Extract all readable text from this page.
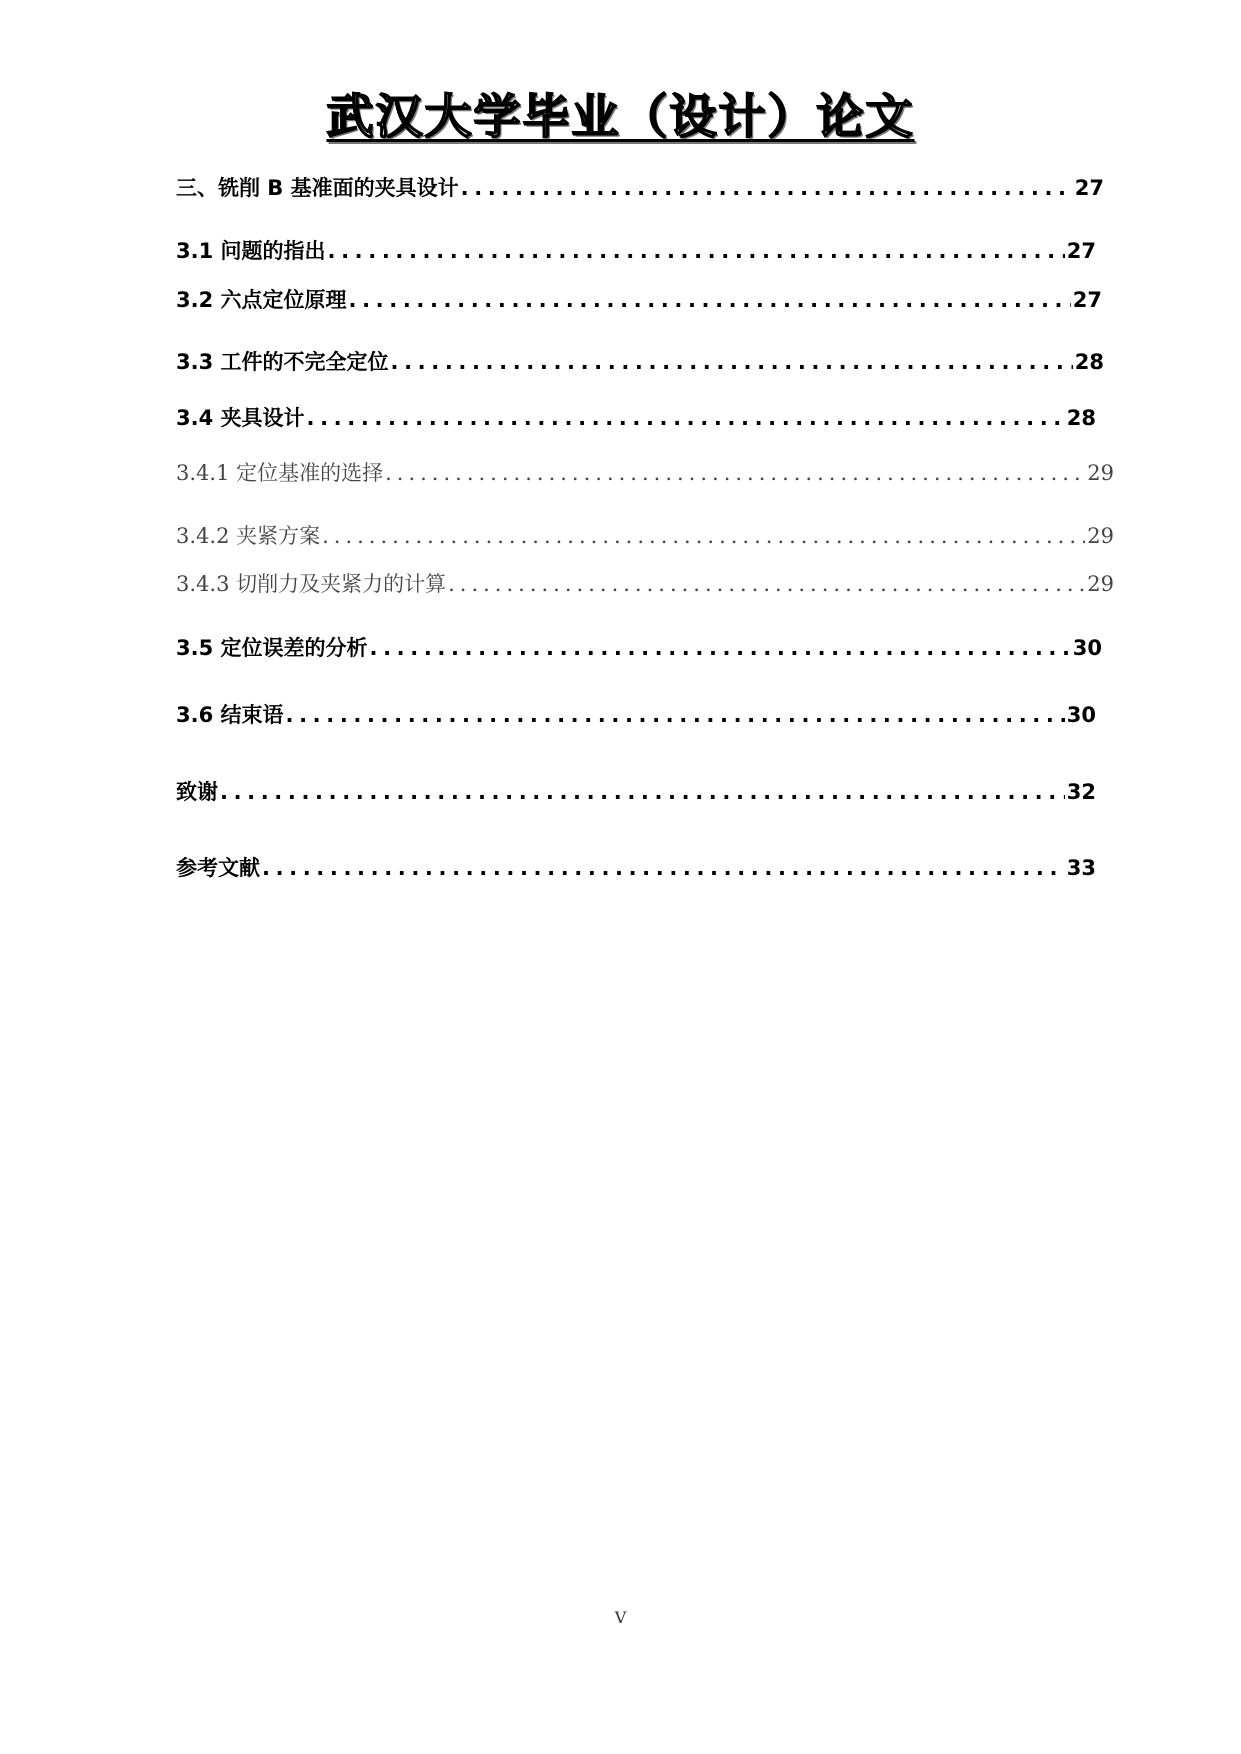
武汉大学毕业（设计）论文
三、铣削 B 基准面的夹具设计 .....	27
3.1 问题的指出 .....	27
3.2 六点定位原理 .....	27
3.3 工件的不完全定位 .....	28
3.4 夹具设计 .....	28
3.4.1 定位基准的选择 .....	29
3.4.2 夹紧方案 .....	29
3.4.3 切削力及夹紧力的计算 .....	29
3.5 定位误差的分析 .....	30
3.6 结束语 .....	30
致谢 .....	32
参考文献 .....	33
V
